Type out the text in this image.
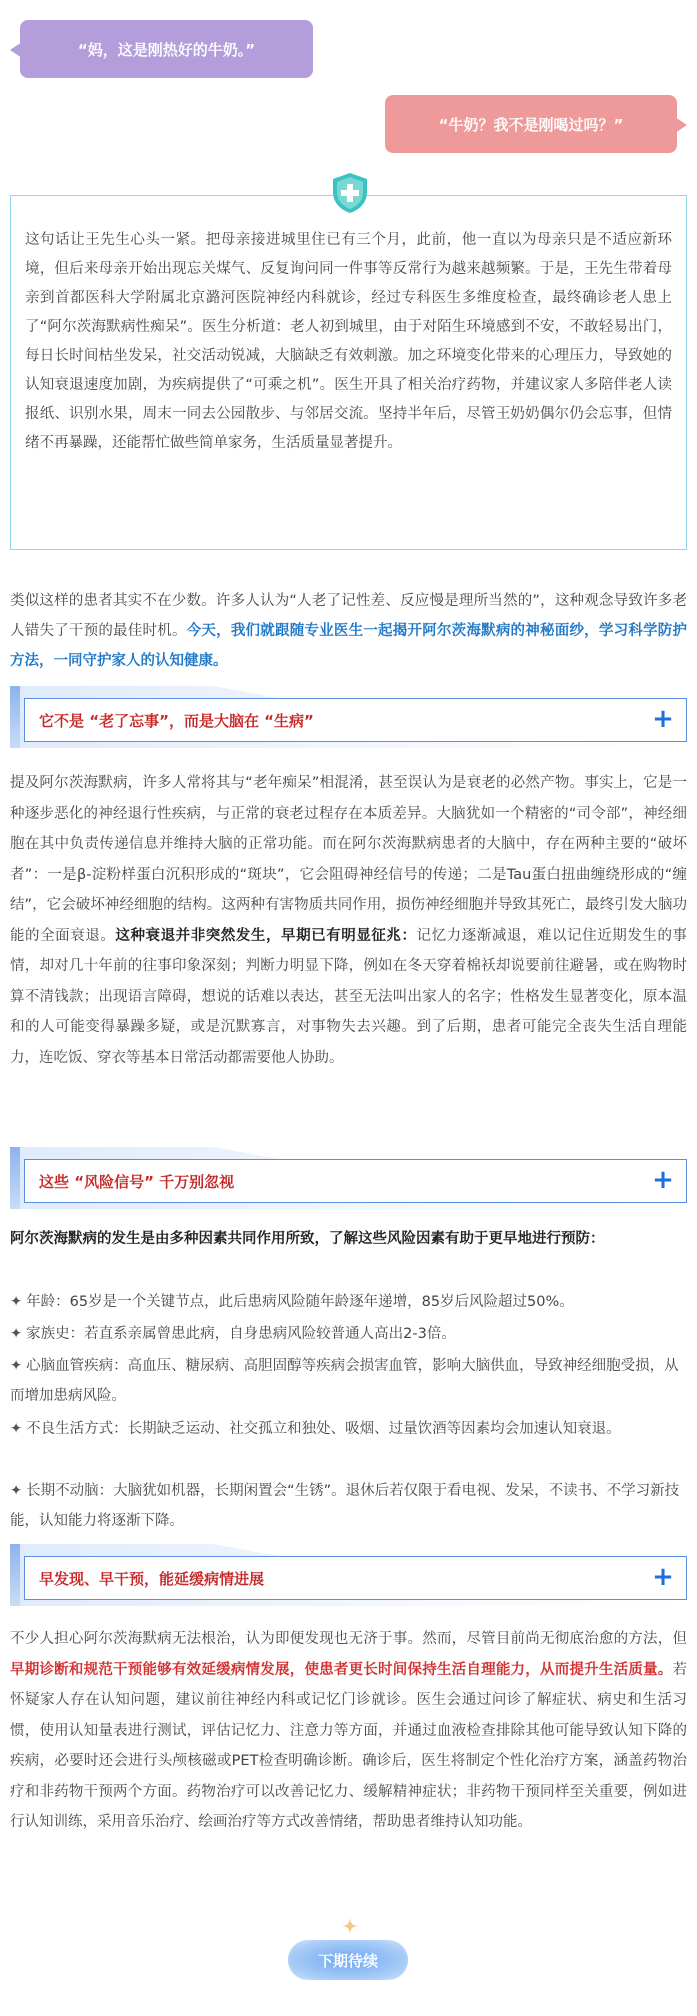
“妈，这是刚热好的牛奶。”
“牛奶？我不是刚喝过吗？”

这句话让王先生心头一紧。把母亲接进城里住已有三个月，此前，他一直以为母亲只是不适应新环境，但后来母亲开始出现忘关煤气、反复询问同一件事等反常行为越来越频繁。于是，王先生带着母亲到首都医科大学附属北京潞河医院神经内科就诊，经过专科医生多维度检查，最终确诊老人患上了“阿尔茨海默病性痴呆”。医生分析道：老人初到城里，由于对陌生环境感到不安，不敢轻易出门，每日长时间枯坐发呆，社交活动锐减，大脑缺乏有效刺激。加之环境变化带来的心理压力，导致她的认知衰退速度加剧，为疾病提供了“可乘之机”。医生开具了相关治疗药物，并建议家人多陪伴老人读报纸、识别水果，周末一同去公园散步、与邻居交流。坚持半年后，尽管王奶奶偶尔仍会忘事，但情绪不再暴躁，还能帮忙做些简单家务，生活质量显著提升。

类似这样的患者其实不在少数。许多人认为“人老了记性差、反应慢是理所当然的”，这种观念导致许多老人错失了干预的最佳时机。今天，我们就跟随专业医生一起揭开阿尔茨海默病的神秘面纱，学习科学防护方法，一同守护家人的认知健康。

它不是 “老了忘事”，而是大脑在 “生病”	+

提及阿尔茨海默病，许多人常将其与“老年痴呆”相混淆，甚至误认为是衰老的必然产物。事实上，它是一种逐步恶化的神经退行性疾病，与正常的衰老过程存在本质差异。大脑犹如一个精密的“司令部”，神经细胞在其中负责传递信息并维持大脑的正常功能。而在阿尔茨海默病患者的大脑中，存在两种主要的“破坏者”：一是β-淀粉样蛋白沉积形成的“斑块”，它会阻碍神经信号的传递；二是Tau蛋白扭曲缠绕形成的“缠结”，它会破坏神经细胞的结构。这两种有害物质共同作用，损伤神经细胞并导致其死亡，最终引发大脑功能的全面衰退。这种衰退并非突然发生，早期已有明显征兆：记忆力逐渐减退，难以记住近期发生的事情，却对几十年前的往事印象深刻；判断力明显下降，例如在冬天穿着棉袄却说要前往避暑，或在购物时算不清钱款；出现语言障碍，想说的话难以表达，甚至无法叫出家人的名字；性格发生显著变化，原本温和的人可能变得暴躁多疑，或是沉默寡言，对事物失去兴趣。到了后期，患者可能完全丧失生活自理能力，连吃饭、穿衣等基本日常活动都需要他人协助。

这些 “风险信号” 千万别忽视	+

阿尔茨海默病的发生是由多种因素共同作用所致，了解这些风险因素有助于更早地进行预防：

✦ 年龄：65岁是一个关键节点，此后患病风险随年龄逐年递增，85岁后风险超过50%。
✦ 家族史：若直系亲属曾患此病，自身患病风险较普通人高出2-3倍。
✦ 心脑血管疾病：高血压、糖尿病、高胆固醇等疾病会损害血管，影响大脑供血，导致神经细胞受损，从而增加患病风险。
✦ 不良生活方式：长期缺乏运动、社交孤立和独处、吸烟、过量饮酒等因素均会加速认知衰退。
✦ 长期不动脑：大脑犹如机器，长期闲置会“生锈”。退休后若仅限于看电视、发呆，不读书、不学习新技能，认知能力将逐渐下降。
早发现、早干预，能延缓病情进展	+

不少人担心阿尔茨海默病无法根治，认为即便发现也无济于事。然而，尽管目前尚无彻底治愈的方法，但早期诊断和规范干预能够有效延缓病情发展，使患者更长时间保持生活自理能力，从而提升生活质量。若怀疑家人存在认知问题，建议前往神经内科或记忆门诊就诊。医生会通过问诊了解症状、病史和生活习惯，使用认知量表进行测试，评估记忆力、注意力等方面，并通过血液检查排除其他可能导致认知下降的疾病，必要时还会进行头颅核磁或PET检查明确诊断。确诊后，医生将制定个性化治疗方案，涵盖药物治疗和非药物干预两个方面。药物治疗可以改善记忆力、缓解精神症状；非药物干预同样至关重要，例如进行认知训练，采用音乐治疗、绘画治疗等方式改善情绪，帮助患者维持认知功能。

下期待续
